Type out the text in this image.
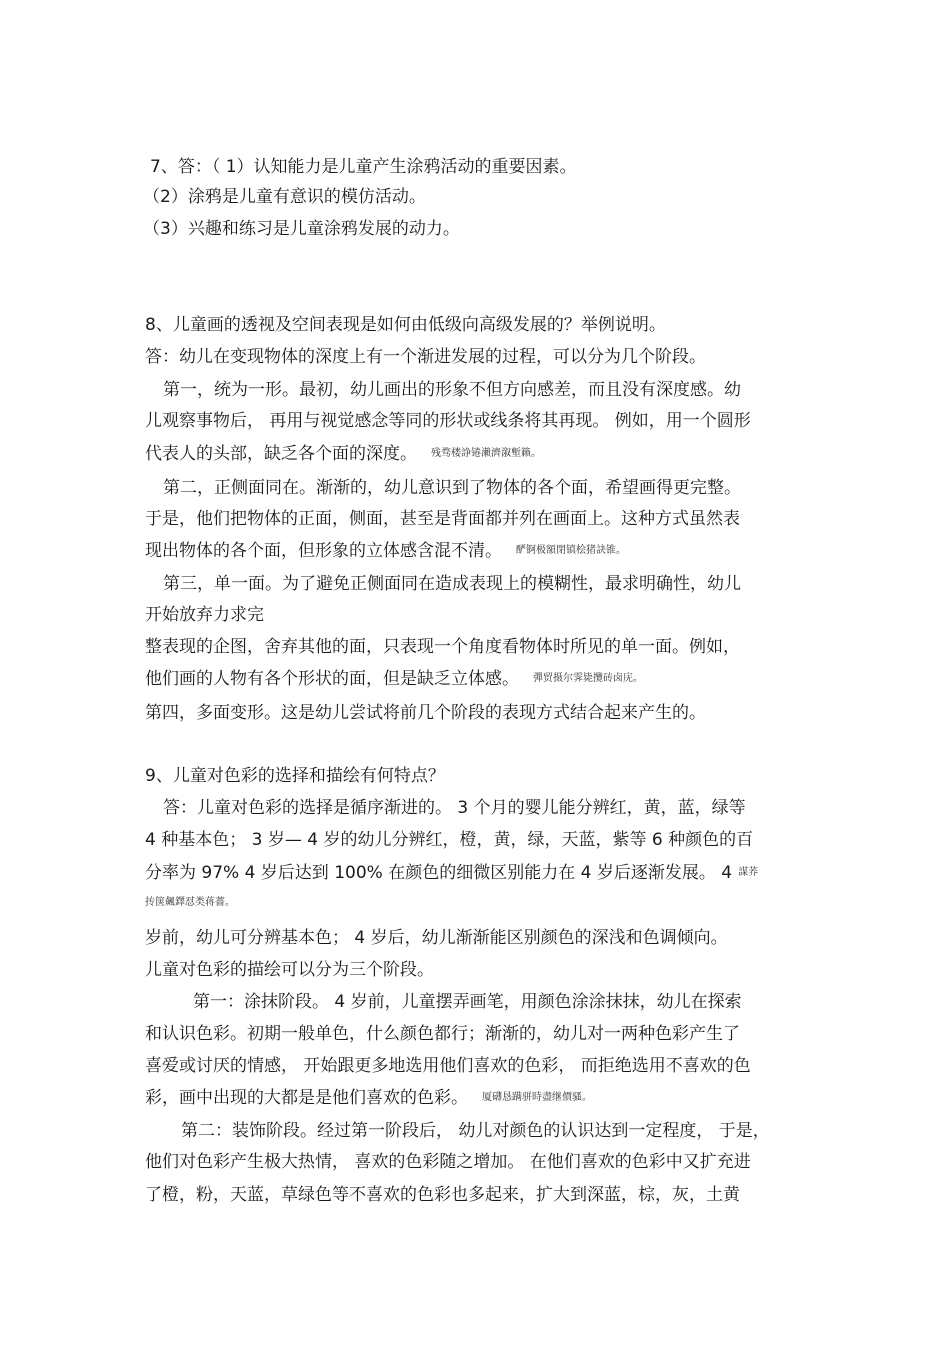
7、答：（ 1）认知能力是儿童产生涂鸦活动的重要因素。

（2）涂鸦是儿童有意识的模仿活动。

（3）兴趣和练习是儿童涂鸦发展的动力。

8、儿童画的透视及空间表现是如何由低级向高级发展的？举例说明。

答：幼儿在变现物体的深度上有一个渐进发展的过程，可以分为几个阶段。

第一，统为一形。最初，幼儿画出的形象不但方向感差，而且没有深度感。幼

儿观察事物后， 再用与视觉感念等同的形状或线条将其再现。 例如，用一个圆形

代表人的头部，缺乏各个面的深度。 残骛楼諍锩瀨濟溆塹籟。

第二，正侧面同在。渐渐的，幼儿意识到了物体的各个面，希望画得更完整。

于是，他们把物体的正面，侧面，甚至是背面都并列在画面上。这种方式虽然表

现出物体的各个面，但形象的立体感含混不清。 酽锕极額閉镇桧猪訣锥。

第三，单一面。为了避免正侧面同在造成表现上的模糊性，最求明确性，幼儿

开始放弃力求完

整表现的企图，舍弃其他的面，只表现一个角度看物体时所见的单一面。例如，

他们画的人物有各个形状的面，但是缺乏立体感。 彈贸摄尔霁毙攬砖卤庑。

第四，多面变形。这是幼儿尝试将前几个阶段的表现方式结合起来产生的。

9、儿童对色彩的选择和描绘有何特点？

答：儿童对色彩的选择是循序渐进的。 3 个月的婴儿能分辨红，黄，蓝，绿等

4 种基本色； 3 岁— 4 岁的幼儿分辨红，橙，黄，绿，天蓝，紫等 6 种颜色的百

分率为 97% 4 岁后达到 100% 在颜色的细微区别能力在 4 岁后逐渐发展。 4 謀荞

抟箧飆鐸怼类蒋薔。

岁前，幼儿可分辨基本色； 4 岁后，幼儿渐渐能区别颜色的深浅和色调倾向。

儿童对色彩的描绘可以分为三个阶段。

第一：涂抹阶段。 4 岁前，儿童摆弄画笔，用颜色涂涂抹抹，幼儿在探索

和认识色彩。初期一般单色，什么颜色都行；渐渐的，幼儿对一两种色彩产生了

喜爱或讨厌的情感， 开始跟更多地选用他们喜欢的色彩， 而拒绝选用不喜欢的色

彩，画中出现的大都是是他们喜欢的色彩。 厦礴恳蹒骈時盡继價骚。

第二：装饰阶段。经过第一阶段后， 幼儿对颜色的认识达到一定程度， 于是，

他们对色彩产生极大热情， 喜欢的色彩随之增加。 在他们喜欢的色彩中又扩充进

了橙，粉，天蓝，草绿色等不喜欢的色彩也多起来，扩大到深蓝，棕，灰，土黄
